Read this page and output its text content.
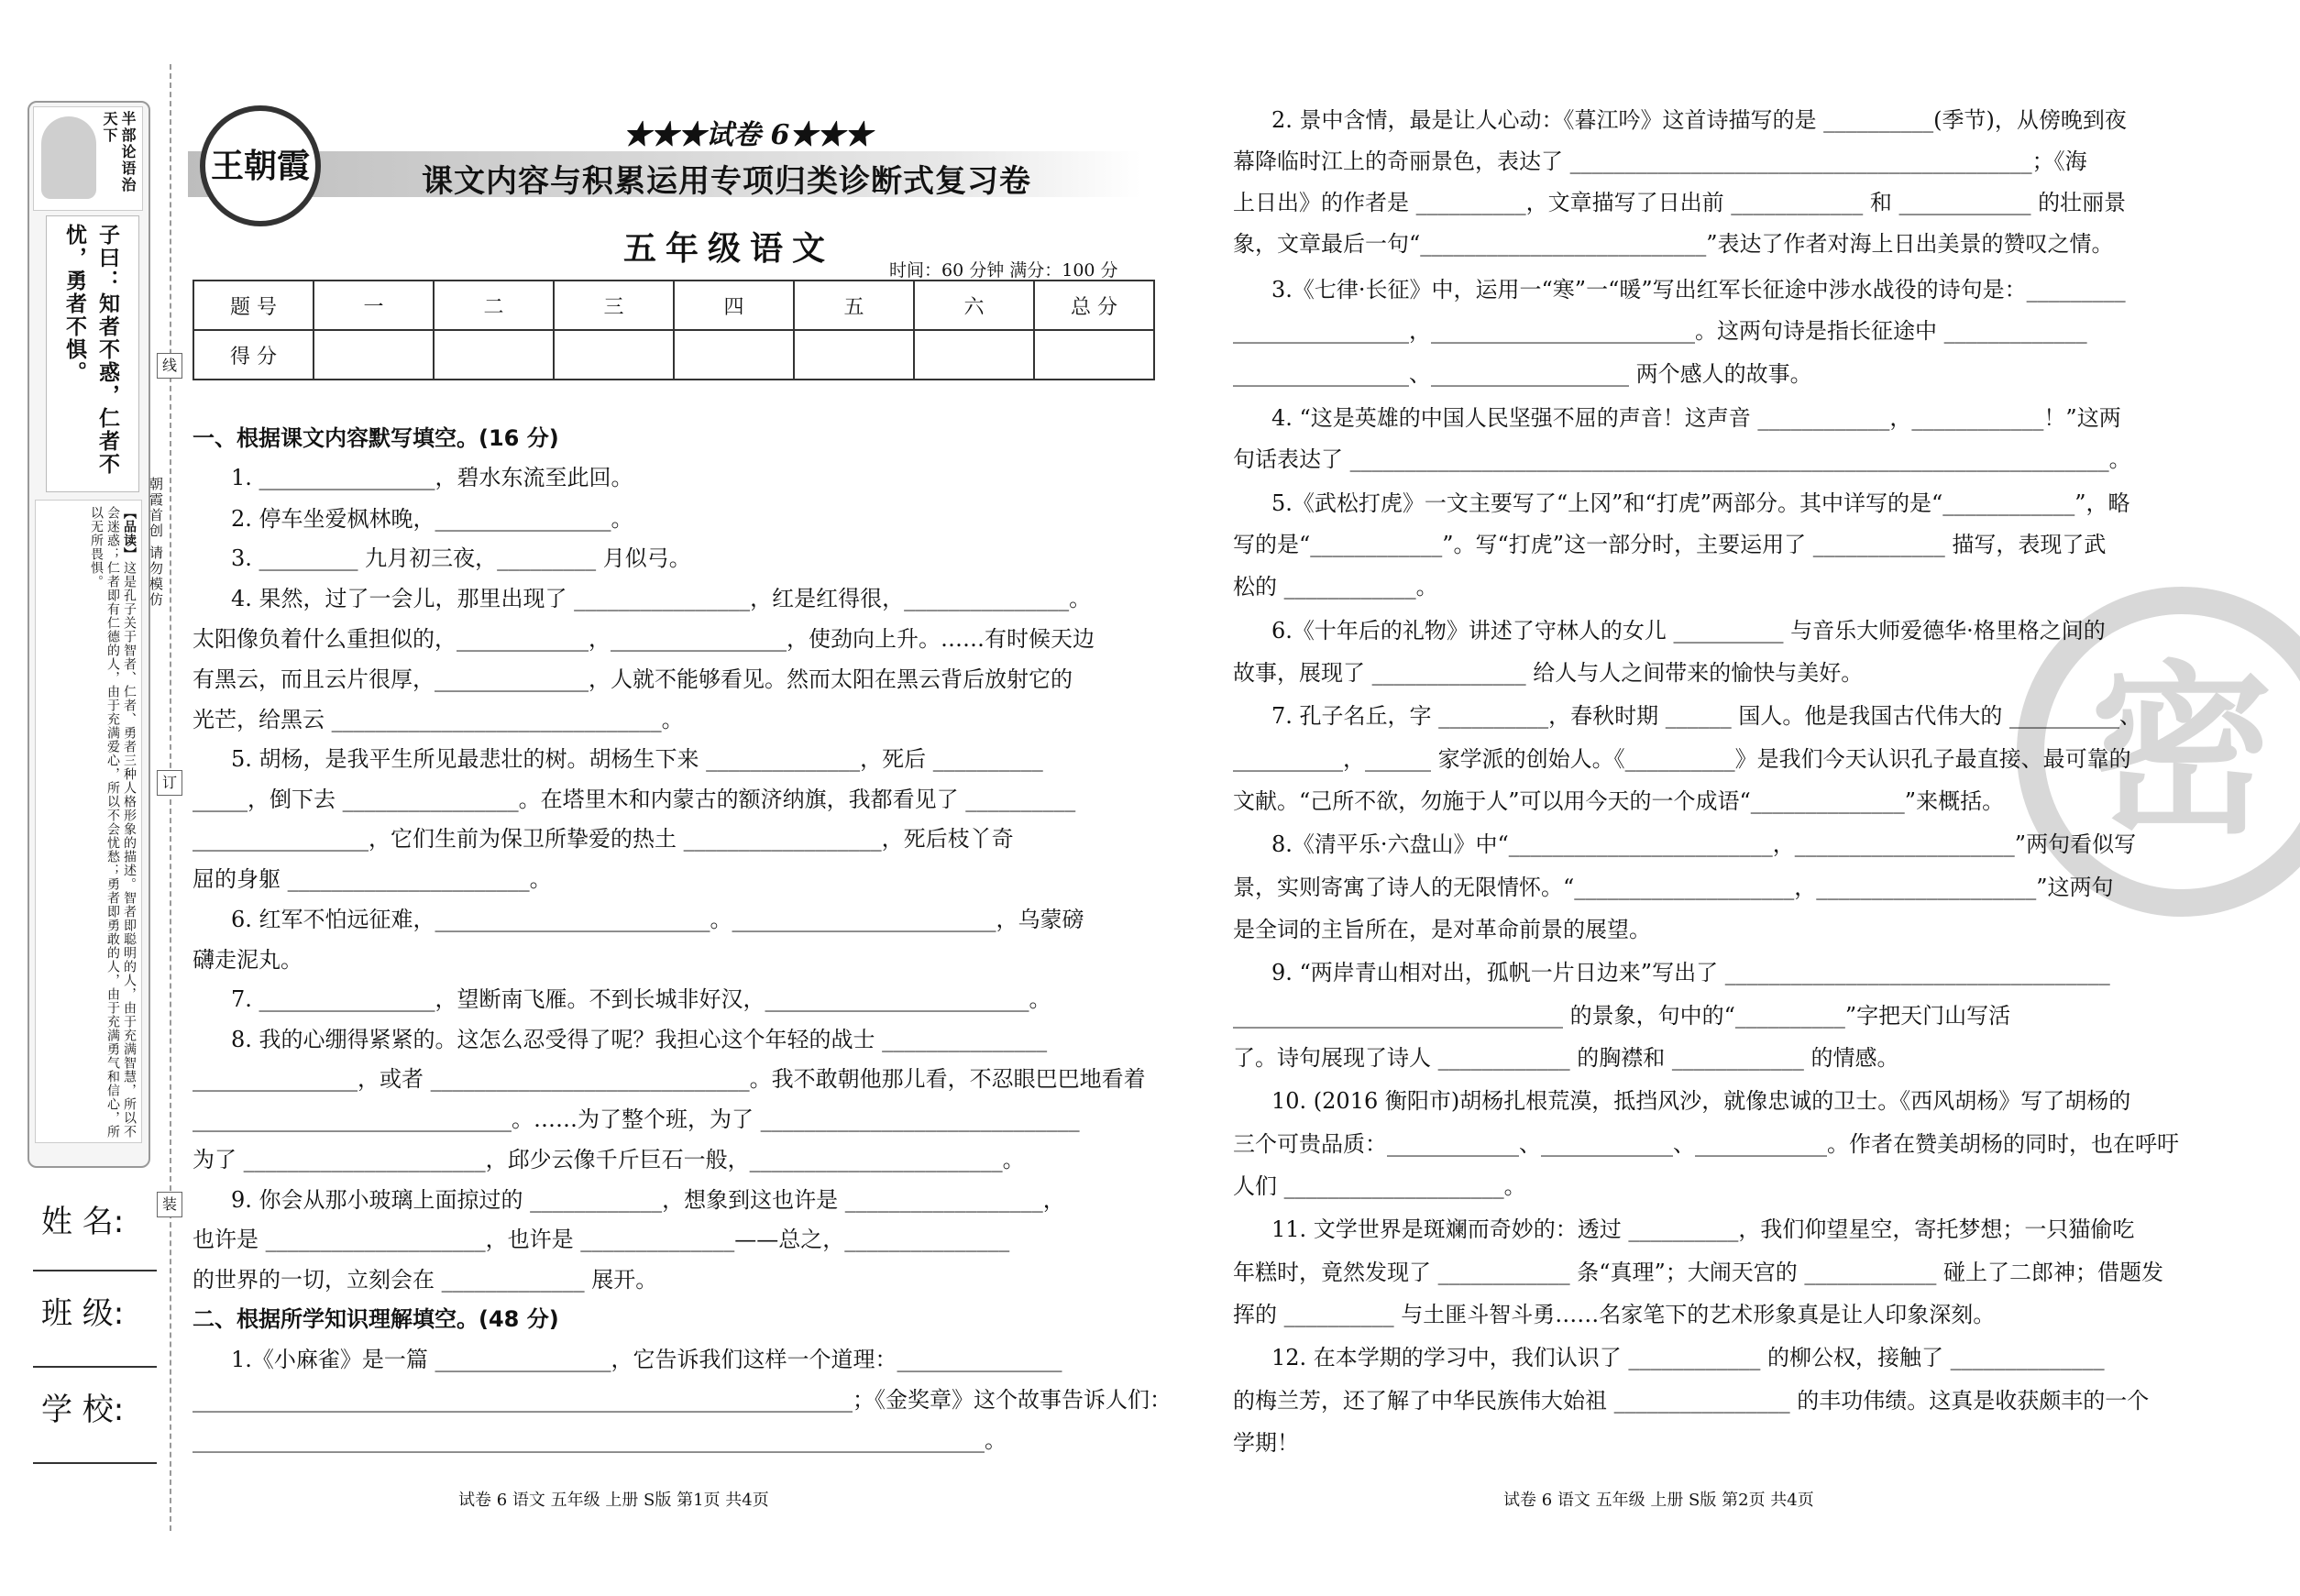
半部论语治天下
子曰：知者不惑，仁者不忧，勇者不惧。
【品读】这是孔子关于智者、仁者、勇者三种人格形象的描述。智者即聪明的人，由于充满智慧，所以不会迷惑；仁者即有仁德的人，由于充满爱心，所以不会忧愁；勇者即勇敢的人，由于充满勇气和信心，所以无所畏惧。
姓 名:
班 级:
学 校:
线
订
装
朝霞首创 请勿模仿
王朝霞
★★★试卷 6★★★
课文内容与积累运用专项归类诊断式复习卷
五年级语文
时间：60 分钟 满分：100 分
题 号	一	二	三	四	五	六	总 分
得 分							
一、根据课文内容默写填空。(16 分)
1. ________________，碧水东流至此回。
2. 停车坐爱枫林晚，________________。
3. _________ 九月初三夜，_________ 月似弓。
4. 果然，过了一会儿，那里出现了 ________________，红是红得很，_______________。
太阳像负着什么重担似的，____________，________________，使劲向上升。……有时候天边
有黑云，而且云片很厚，______________，人就不能够看见。然而太阳在黑云背后放射它的
光芒，给黑云 ______________________________。
5. 胡杨，是我平生所见最悲壮的树。胡杨生下来 ______________，死后 __________
_____，倒下去 ________________。在塔里木和内蒙古的额济纳旗，我都看见了 __________
________________，它们生前为保卫所挚爱的热土 __________________，死后枝丫奇
屈的身躯 ______________________。
6. 红军不怕远征难，_________________________。________________________，乌蒙磅
礴走泥丸。
7. ________________，望断南飞雁。不到长城非好汉，________________________。
8. 我的心绷得紧紧的。这怎么忍受得了呢？我担心这个年轻的战士 _______________
_______________，或者 _____________________________。我不敢朝他那儿看，不忍眼巴巴地看着
_____________________________。……为了整个班，为了 _____________________________
为了 ______________________，邱少云像千斤巨石一般，_______________________。
9. 你会从那小玻璃上面掠过的 ____________，想象到这也许是 __________________，
也许是 ____________________，也许是 ______________——总之，_______________
的世界的一切，立刻会在 _____________ 展开。
二、根据所学知识理解填空。(48 分)
1.《小麻雀》是一篇 ________________，它告诉我们这样一个道理：_______________
____________________________________________________________；《金奖章》这个故事告诉人们：
________________________________________________________________________。
试卷 6 语文 五年级 上册 S版 第1页 共4页
密
2. 景中含情，最是让人心动：《暮江吟》这首诗描写的是 __________(季节)，从傍晚到夜
幕降临时江上的奇丽景色，表达了 __________________________________________；《海
上日出》的作者是 __________，文章描写了日出前 ____________ 和 ____________ 的壮丽景
象，文章最后一句“__________________________”表达了作者对海上日出美景的赞叹之情。
3.《七律·长征》中，运用一“寒”一“暖”写出红军长征途中涉水战役的诗句是：_________
________________，________________________。这两句诗是指长征途中 _____________
________________、__________________ 两个感人的故事。
4. “这是英雄的中国人民坚强不屈的声音！这声音 ____________，____________！”这两
句话表达了 _____________________________________________________________________。
5.《武松打虎》一文主要写了“上冈”和“打虎”两部分。其中详写的是“____________”，略
写的是“____________”。写“打虎”这一部分时，主要运用了 ____________ 描写，表现了武
松的 ____________。
6.《十年后的礼物》讲述了守林人的女儿 __________ 与音乐大师爱德华·格里格之间的
故事，展现了 ______________ 给人与人之间带来的愉快与美好。
7. 孔子名丘，字 __________，春秋时期 ______ 国人。他是我国古代伟大的 __________、
__________，______ 家学派的创始人。《__________》是我们今天认识孔子最直接、最可靠的
文献。“己所不欲，勿施于人”可以用今天的一个成语“______________”来概括。
8.《清平乐·六盘山》中“________________________，____________________”两句看似写
景，实则寄寓了诗人的无限情怀。“____________________，____________________”这两句
是全词的主旨所在，是对革命前景的展望。
9. “两岸青山相对出，孤帆一片日边来”写出了 ___________________________________
______________________________ 的景象，句中的“__________”字把天门山写活
了。诗句展现了诗人 ____________ 的胸襟和 ____________ 的情感。
10. (2016 衡阳市)胡杨扎根荒漠，抵挡风沙，就像忠诚的卫士。《西风胡杨》写了胡杨的
三个可贵品质：____________、____________、____________。作者在赞美胡杨的同时，也在呼吁
人们 ____________________。
11. 文学世界是斑斓而奇妙的：透过 __________，我们仰望星空，寄托梦想；一只猫偷吃
年糕时，竟然发现了 ____________ 条“真理”；大闹天宫的 ____________ 碰上了二郎神；借题发
挥的 __________ 与土匪斗智斗勇……名家笔下的艺术形象真是让人印象深刻。
12. 在本学期的学习中，我们认识了 ____________ 的柳公权，接触了 ______________
的梅兰芳，还了解了中华民族伟大始祖 ________________ 的丰功伟绩。这真是收获颇丰的一个
学期！
试卷 6 语文 五年级 上册 S版 第2页 共4页
